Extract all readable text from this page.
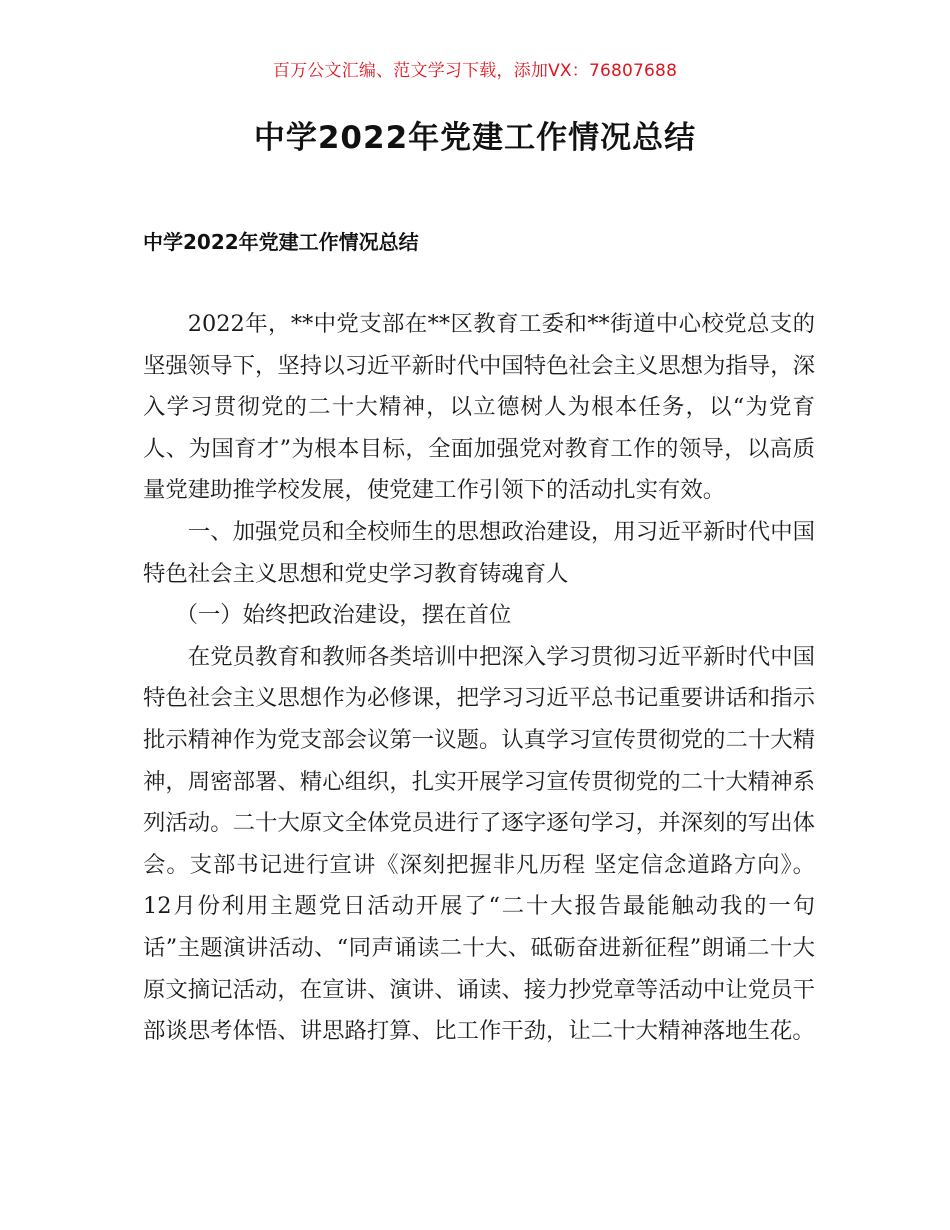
百万公文汇编、范文学习下载，添加VX：76807688
中学2022年党建工作情况总结
中学2022年党建工作情况总结

2022年，**中党支部在**区教育工委和**街道中心校党总支的坚强领导下，坚持以习近平新时代中国特色社会主义思想为指导，深入学习贯彻党的二十大精神，以立德树人为根本任务，以“为党育人、为国育才”为根本目标，全面加强党对教育工作的领导，以高质量党建助推学校发展，使党建工作引领下的活动扎实有效。

一、加强党员和全校师生的思想政治建设，用习近平新时代中国特色社会主义思想和党史学习教育铸魂育人

（一）始终把政治建设，摆在首位

在党员教育和教师各类培训中把深入学习贯彻习近平新时代中国特色社会主义思想作为必修课，把学习习近平总书记重要讲话和指示批示精神作为党支部会议第一议题。认真学习宣传贯彻党的二十大精神，周密部署、精心组织，扎实开展学习宣传贯彻党的二十大精神系列活动。二十大原文全体党员进行了逐字逐句学习，并深刻的写出体会。支部书记进行宣讲《深刻把握非凡历程 坚定信念道路方向》。12月份利用主题党日活动开展了“二十大报告最能触动我的一句话”主题演讲活动、“同声诵读二十大、砥砺奋进新征程”朗诵二十大原文摘记活动，在宣讲、演讲、诵读、接力抄党章等活动中让党员干部谈思考体悟、讲思路打算、比工作干劲，让二十大精神落地生花。
